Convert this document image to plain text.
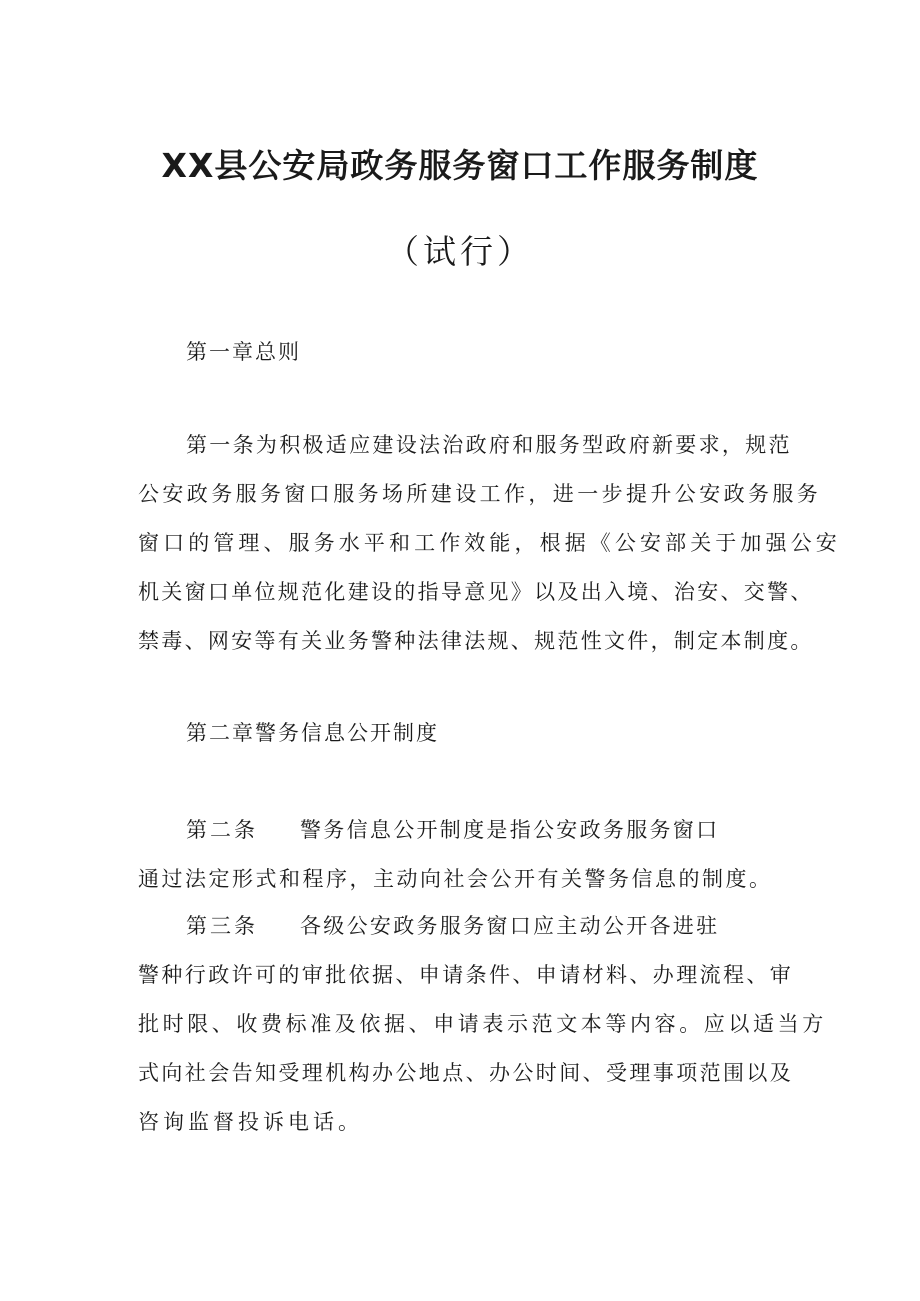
XX县公安局政务服务窗口工作服务制度
（试行）
第一章总则
第一条为积极适应建设法治政府和服务型政府新要求，规范
公安政务服务窗口服务场所建设工作，进一步提升公安政务服务
窗口的管理、服务水平和工作效能，根据《公安部关于加强公安
机关窗口单位规范化建设的指导意见》以及出入境、治安、交警、
禁毒、网安等有关业务警种法律法规、规范性文件，制定本制度。
第二章警务信息公开制度
第二条 警务信息公开制度是指公安政务服务窗口
通过法定形式和程序，主动向社会公开有关警务信息的制度。
第三条 各级公安政务服务窗口应主动公开各进驻
警种行政许可的审批依据、申请条件、申请材料、办理流程、审
批时限、收费标准及依据、申请表示范文本等内容。应以适当方
式向社会告知受理机构办公地点、办公时间、受理事项范围以及
咨询监督投诉电话。
